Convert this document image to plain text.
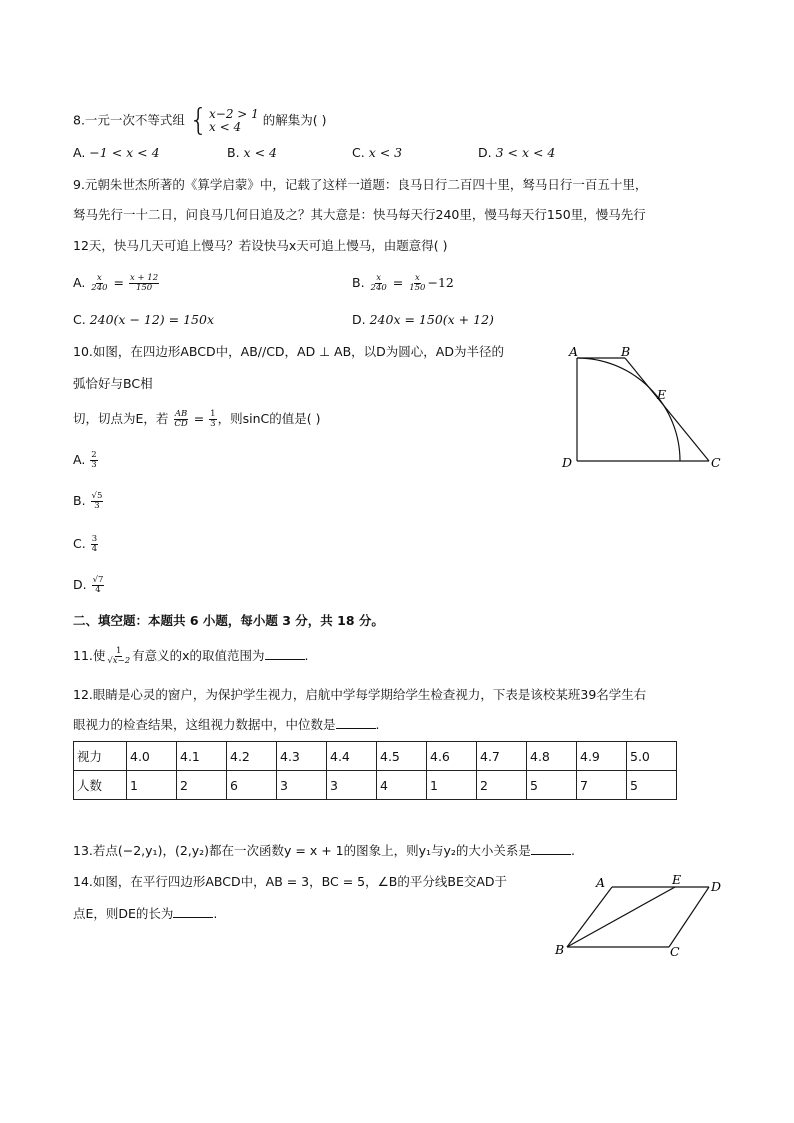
8.一元一次不等式组 { x−2 > 1
x < 4	的解集为( )
A. −1 < x < 4	B. x < 4	C. x < 3	D. 3 < x < 4
9.元朝朱世杰所著的《算学启蒙》中，记载了这样一道题：良马日行二百四十里，驽马日行一百五十里，
驽马先行一十二日，问良马几何日追及之？其大意是：快马每天行240里，慢马每天行150里，慢马先行
12天，快马几天可追上慢马？若设快马x天可追上慢马，由题意得( )
A. $\frac{x}{240} = \frac{x + 12}{150}$	B. $\frac{x}{240} = \frac{x}{150} -12$
C. 240(x − 12) = 150x	D. 240x = 150(x + 12)
10.如图，在四边形ABCD中，AB//CD，AD ⊥ AB，以D为圆心，AD为半径的
弧恰好与BC相
切，切点为E，若 $\frac{AB}{CD} = \frac{1}{3}$ ，则sinC的值是( )
A. $\frac{2}{3}$
B. $\frac{√5}{3}$
C. $\frac{3}{4}$
D. $\frac{√7}{4}$
A	B
C
D
E
二、填空题：本题共 6 小题，每小题 3 分，共 18 分。
11.使 $\frac{1}{√x-2}$ 有意义的x的取值范围为	.
12.眼睛是心灵的窗户，为保护学生视力，启航中学每学期给学生检查视力，下表是该校某班39名学生右
眼视力的检查结果，这组视力数据中，中位数是	.
视力	4.0	4.1	4.2	4.3	4.4	4.5	4.6	4.7	4.8	4.9	5.0
人数	1	2	6	3	3	4	1	2	5	7	5
13.若点(−2,y₁)，(2,y₂)都在一次函数y = x + 1的图象上，则y₁与y₂的大小关系是	.
14.如图，在平行四边形ABCD中，AB = 3，BC = 5，∠B的平分线BE交AD于
点E，则DE的长为	.
A
B	C
D
E
